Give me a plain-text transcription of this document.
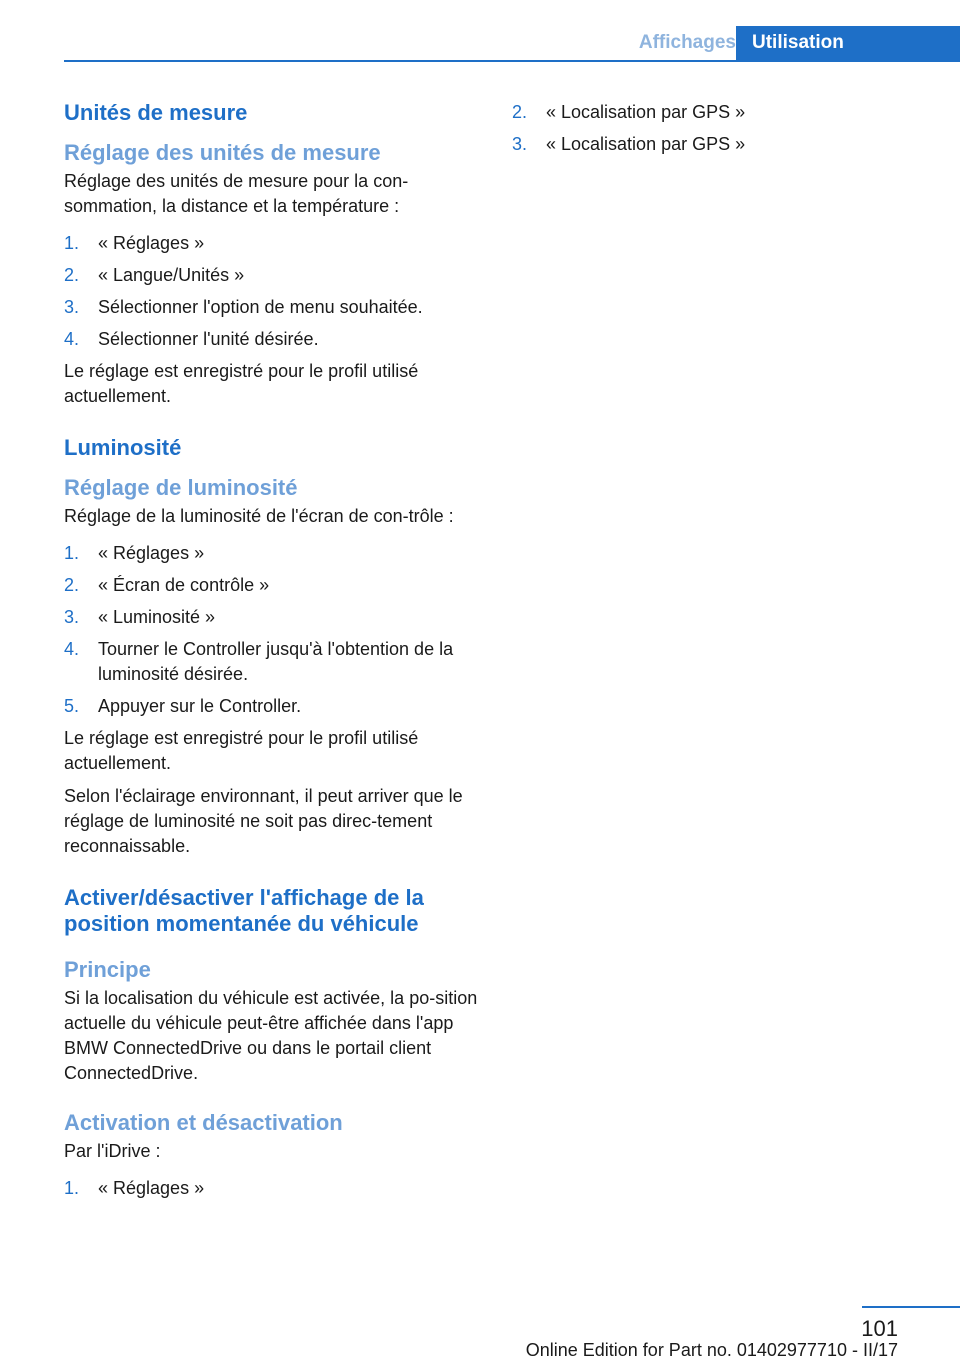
Affichages Utilisation
Unités de mesure
Réglage des unités de mesure
Réglage des unités de mesure pour la con‐sommation, la distance et la température :
1. « Réglages »
2. « Langue/Unités »
3. Sélectionner l'option de menu souhaitée.
4. Sélectionner l'unité désirée.
Le réglage est enregistré pour le profil utilisé actuellement.
Luminosité
Réglage de luminosité
Réglage de la luminosité de l'écran de con‐trôle :
1. « Réglages »
2. « Écran de contrôle »
3. « Luminosité »
4. Tourner le Controller jusqu'à l'obtention de la luminosité désirée.
5. Appuyer sur le Controller.
Le réglage est enregistré pour le profil utilisé actuellement.
Selon l'éclairage environnant, il peut arriver que le réglage de luminosité ne soit pas direc‐tement reconnaissable.
Activer/désactiver l'affichage de la position momentanée du véhicule
Principe
Si la localisation du véhicule est activée, la po‐sition actuelle du véhicule peut-être affichée dans l'app BMW ConnectedDrive ou dans le portail client ConnectedDrive.
Activation et désactivation
Par l'iDrive :
1. « Réglages »
2. « Localisation par GPS »
3. « Localisation par GPS »
101
Online Edition for Part no. 01402977710 - II/17
